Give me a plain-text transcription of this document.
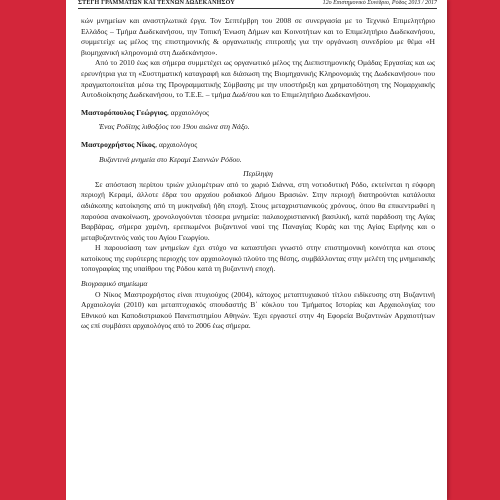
ΣΤΕΓΗ ΓΡΑΜΜΑΤΩΝ ΚΑΙ ΤΕΧΝΩΝ ΔΩΔΕΚΑΝΗΣΟΥ	12ο Επιστημονικό Συνέδριο, Ρόδος 2013 / 2017

κών μνημείων και αναστηλωτικά έργα. Τον Σεπτέμβρη του 2008 σε συνεργασία με το Τεχνικό Επιμελητήριο Ελλάδος – Τμήμα Δωδεκανήσου, την Τοπική Ένωση Δήμων και Κοινοτήτων και το Επιμελητήριο Δωδεκανήσου, συμμετείχε ως μέλος της επιστημονικής & οργανωτικής επιτροπής για την οργάνωση συνεδρίου με θέμα «Η βιομηχανική κληρονομιά στη Δωδεκάνησο».

Από το 2010 έως και σήμερα συμμετέχει ως οργανωτικό μέλος της Διεπιστημονικής Ομάδας Εργασίας και ως ερευνήτρια για τη «Συστηματική καταγραφή και διάσωση της Βιομηχανικής Κληρονομιάς της Δωδεκανήσου» που πραγματοποιείται μέσω της Προγραμματικής Σύμβασης με την υποστήριξη και χρηματοδότηση της Νομαρχιακής Αυτοδιοίκησης Δωδεκανήσου, το Τ.Ε.Ε. – τμήμα Δωδ/σου και το Επιμελητήριο Δωδεκανήσου.

Μαστορόπουλος Γεώργιος, αρχαιολόγος

Ένας Ροδίτης λιθοξόος του 19ου αιώνα στη Νάξο.

Μαστροχρήστος Νίκος, αρχαιολόγος

Βυζαντινά μνημεία στο Κεραμί Σιαννών Ρόδου.

Περίληψη

Σε απόσταση περίπου τριών χιλιομέτρων από το χωριό Σιάννα, στη νοτιοδυτική Ρόδο, εκτείνεται η εύφορη περιοχή Κεραμί, άλλοτε έδρα του αρχαίου ροδιακού Δήμου Βρασιών. Στην περιοχή διατηρούνται κατάλοιπα αδιάκοπης κατοίκησης από τη μυκηναϊκή ήδη εποχή. Στους μεταχριστιανικούς χρόνους, όπου θα επικεντρωθεί η παρούσα ανακοίνωση, χρονολογούνται τέσσερα μνημεία: παλαιοχριστιανική βασιλική, κατά παράδοση της Αγίας Βαρβάρας, σήμερα χαμένη, ερειπωμένοι βυζαντινοί ναοί της Παναγίας Κυράς και της Αγίας Ειρήνης και ο μεταβυζαντινός ναός του Αγίου Γεωργίου.

Η παρουσίαση των μνημείων έχει στόχο να καταστήσει γνωστό στην επιστημονική κοινότητα και στους κατοίκους της ευρύτερης περιοχής τον αρχαιολογικό πλούτο της θέσης, συμβάλλοντας στην μελέτη της μνημειακής τοπογραφίας της υπαίθρου της Ρόδου κατά τη βυζαντινή εποχή.

Βιογραφικό σημείωμα

Ο Νίκος Μαστροχρήστος είναι πτυχιούχος (2004), κάτοχος μεταπτυχιακού τίτλου ειδίκευσης στη Βυζαντινή Αρχαιολογία (2010) και μεταπτυχιακός σπουδαστής Β΄ κύκλου του Τμήματος Ιστορίας και Αρχαιολογίας του Εθνικού και Καποδιστριακού Πανεπιστημίου Αθηνών. Έχει εργαστεί στην 4η Εφορεία Βυζαντινών Αρχαιοτήτων ως επί συμβάσει αρχαιολόγος από το 2006 έως σήμερα.
